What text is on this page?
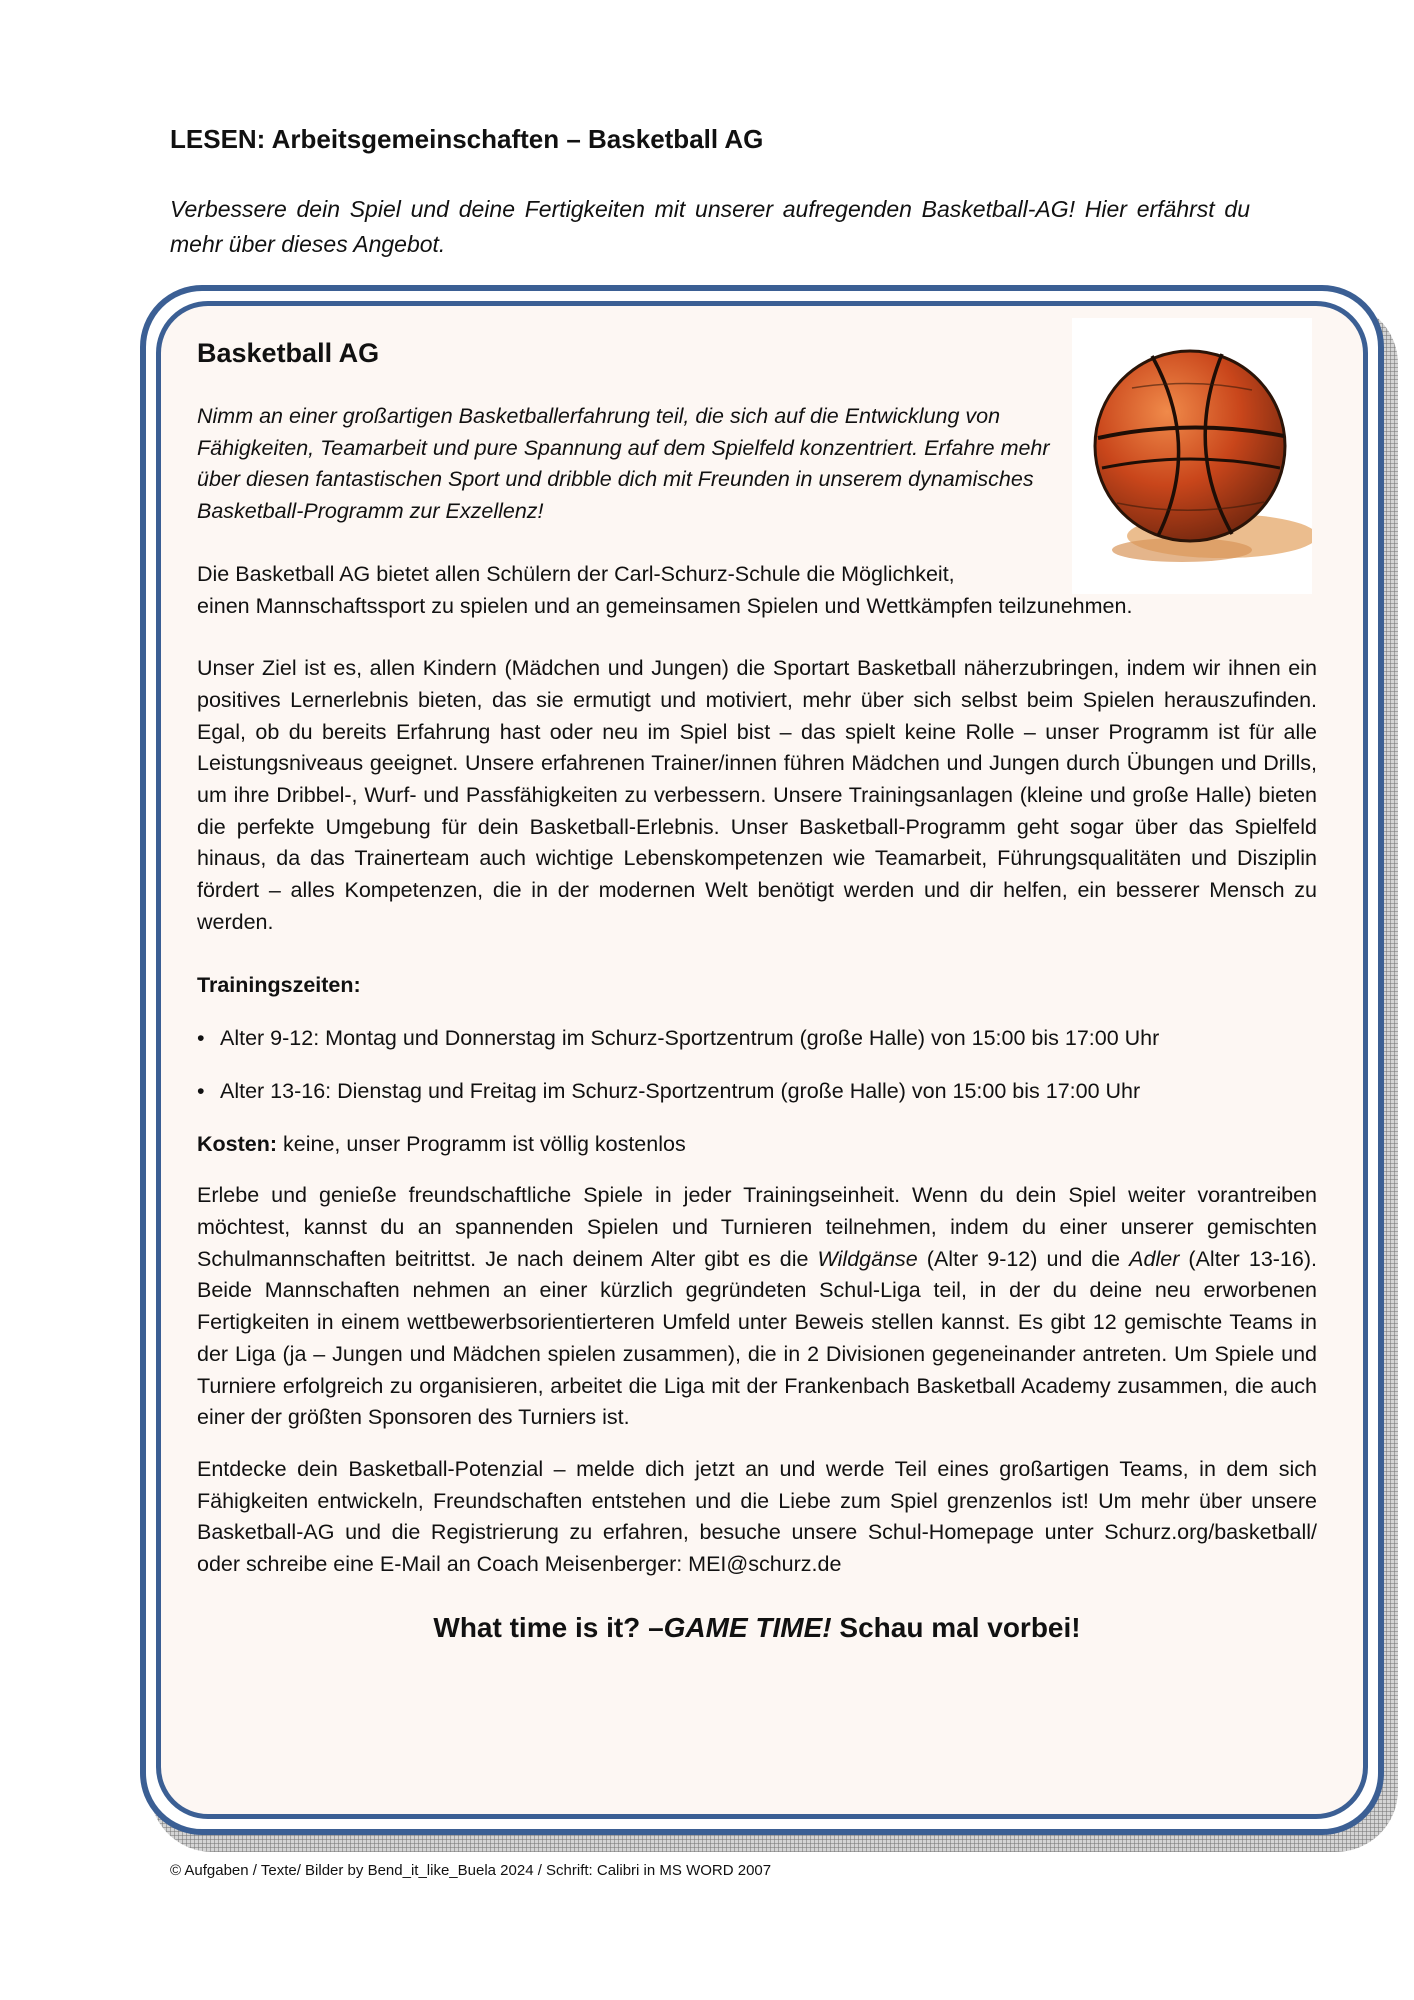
LESEN: Arbeitsgemeinschaften – Basketball AG

Verbessere dein Spiel und deine Fertigkeiten mit unserer aufregenden Basketball-AG! Hier erfährst du mehr über dieses Angebot.

Basketball AG

Nimm an einer großartigen Basketballerfahrung teil, die sich auf die Entwicklung von Fähigkeiten, Teamarbeit und pure Spannung auf dem Spielfeld konzentriert. Erfahre mehr über diesen fantastischen Sport und dribble dich mit Freunden in unserem dynamisches Basketball-Programm zur Exzellenz!

Die Basketball AG bietet allen Schülern der Carl-Schurz-Schule die Möglichkeit,
einen Mannschaftssport zu spielen und an gemeinsamen Spielen und Wettkämpfen teilzunehmen.

Unser Ziel ist es, allen Kindern (Mädchen und Jungen) die Sportart Basketball näherzubringen, indem wir ihnen ein positives Lernerlebnis bieten, das sie ermutigt und motiviert, mehr über sich selbst beim Spielen herauszufinden. Egal, ob du bereits Erfahrung hast oder neu im Spiel bist – das spielt keine Rolle – unser Programm ist für alle Leistungsniveaus geeignet. Unsere erfahrenen Trainer/innen führen Mädchen und Jungen durch Übungen und Drills, um ihre Dribbel-, Wurf- und Passfähigkeiten zu verbessern. Unsere Trainingsanlagen (kleine und große Halle) bieten die perfekte Umgebung für dein Basketball-Erlebnis. Unser Basketball-Programm geht sogar über das Spielfeld hinaus, da das Trainerteam auch wichtige Lebenskompetenzen wie Teamarbeit, Führungsqualitäten und Disziplin fördert – alles Kompetenzen, die in der modernen Welt benötigt werden und dir helfen, ein besserer Mensch zu werden.

Trainingszeiten:

• Alter 9-12: Montag und Donnerstag im Schurz-Sportzentrum (große Halle) von 15:00 bis 17:00 Uhr
• Alter 13-16: Dienstag und Freitag im Schurz-Sportzentrum (große Halle) von 15:00 bis 17:00 Uhr

Kosten: keine, unser Programm ist völlig kostenlos

Erlebe und genieße freundschaftliche Spiele in jeder Trainingseinheit. Wenn du dein Spiel weiter vorantreiben möchtest, kannst du an spannenden Spielen und Turnieren teilnehmen, indem du einer unserer gemischten Schulmannschaften beitrittst. Je nach deinem Alter gibt es die Wildgänse (Alter 9-12) und die Adler (Alter 13-16). Beide Mannschaften nehmen an einer kürzlich gegründeten Schul-Liga teil, in der du deine neu erworbenen Fertigkeiten in einem wettbewerbsorientierteren Umfeld unter Beweis stellen kannst. Es gibt 12 gemischte Teams in der Liga (ja – Jungen und Mädchen spielen zusammen), die in 2 Divisionen gegeneinander antreten. Um Spiele und Turniere erfolgreich zu organisieren, arbeitet die Liga mit der Frankenbach Basketball Academy zusammen, die auch einer der größten Sponsoren des Turniers ist.

Entdecke dein Basketball-Potenzial – melde dich jetzt an und werde Teil eines großartigen Teams, in dem sich Fähigkeiten entwickeln, Freundschaften entstehen und die Liebe zum Spiel grenzenlos ist! Um mehr über unsere Basketball-AG und die Registrierung zu erfahren, besuche unsere Schul-Homepage unter Schurz.org/basketball/ oder schreibe eine E-Mail an Coach Meisenberger: MEI@schurz.de

What time is it? –GAME TIME! Schau mal vorbei!

© Aufgaben / Texte/ Bilder by Bend_it_like_Buela 2024 / Schrift: Calibri in MS WORD 2007
